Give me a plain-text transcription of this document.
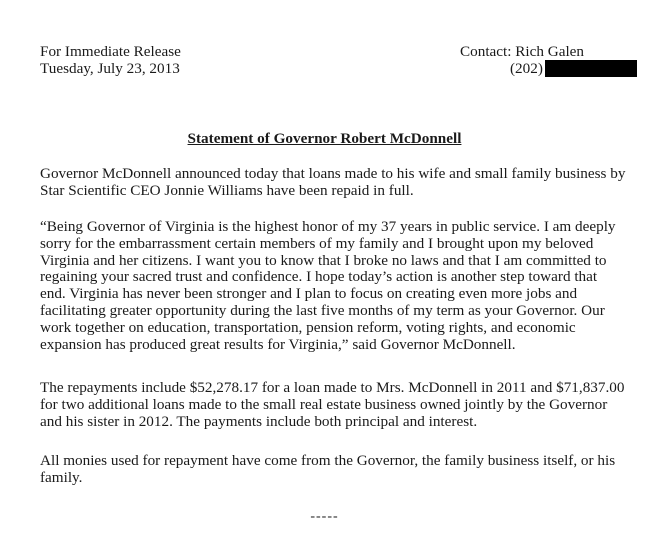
For Immediate Release
Tuesday, July 23, 2013
Contact: Rich Galen
(202)
Statement of Governor Robert McDonnell
Governor McDonnell announced today that loans made to his wife and small family business by
Star Scientific CEO Jonnie Williams have been repaid in full.
“Being Governor of Virginia is the highest honor of my 37 years in public service. I am deeply
sorry for the embarrassment certain members of my family and I brought upon my beloved
Virginia and her citizens. I want you to know that I broke no laws and that I am committed to
regaining your sacred trust and confidence. I hope today’s action is another step toward that
end. Virginia has never been stronger and I plan to focus on creating even more jobs and
facilitating greater opportunity during the last five months of my term as your Governor. Our
work together on education, transportation, pension reform, voting rights, and economic
expansion has produced great results for Virginia,” said Governor McDonnell.
The repayments include $52,278.17 for a loan made to Mrs. McDonnell in 2011 and $71,837.00
for two additional loans made to the small real estate business owned jointly by the Governor
and his sister in 2012. The payments include both principal and interest.
All monies used for repayment have come from the Governor, the family business itself, or his
family.
-----
